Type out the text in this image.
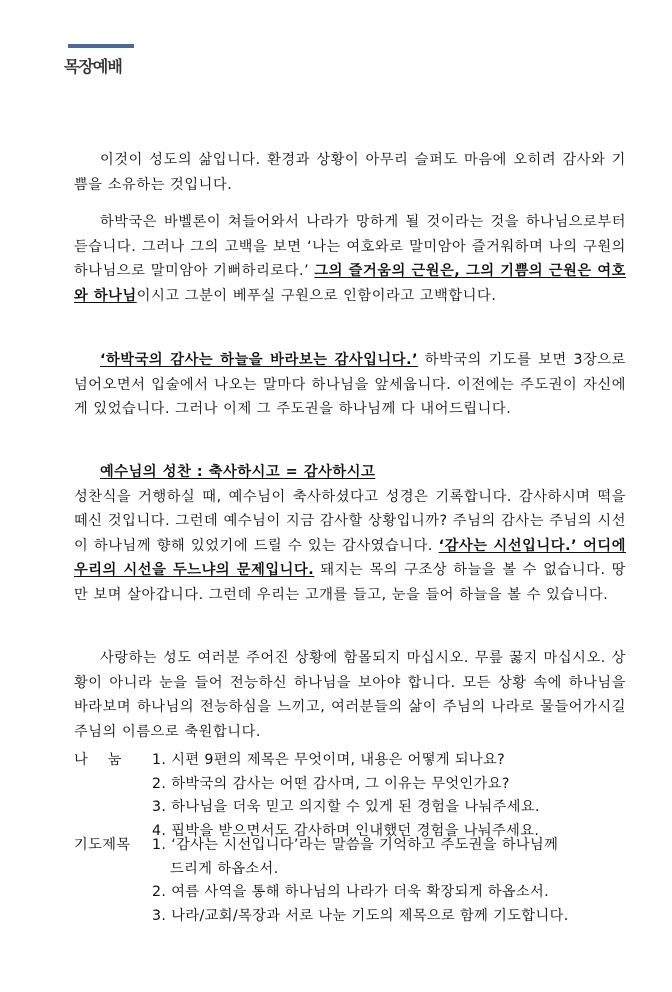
목장예배

이것이 성도의 삶입니다. 환경과 상황이 아무리 슬퍼도 마음에 오히려 감사와 기쁨을 소유하는 것입니다.

하박국은 바벨론이 쳐들어와서 나라가 망하게 될 것이라는 것을 하나님으로부터 듣습니다. 그러나 그의 고백을 보면 ‘나는 여호와로 말미암아 즐거워하며 나의 구원의 하나님으로 말미암아 기뻐하리로다.’ 그의 즐거움의 근원은, 그의 기쁨의 근원은 여호와 하나님이시고 그분이 베푸실 구원으로 인함이라고 고백합니다.

‘하박국의 감사는 하늘을 바라보는 감사입니다.’ 하박국의 기도를 보면 3장으로 넘어오면서 입술에서 나오는 말마다 하나님을 앞세웁니다. 이전에는 주도권이 자신에게 있었습니다. 그러나 이제 그 주도권을 하나님께 다 내어드립니다.

예수님의 성찬 : 축사하시고 = 감사하시고
성찬식을 거행하실 때, 예수님이 축사하셨다고 성경은 기록합니다. 감사하시며 떡을 떼신 것입니다. 그런데 예수님이 지금 감사할 상황입니까? 주님의 감사는 주님의 시선이 하나님께 향해 있었기에 드릴 수 있는 감사였습니다. ‘감사는 시선입니다.’ 어디에 우리의 시선을 두느냐의 문제입니다. 돼지는 목의 구조상 하늘을 볼 수 없습니다. 땅만 보며 살아갑니다. 그런데 우리는 고개를 들고, 눈을 들어 하늘을 볼 수 있습니다.

사랑하는 성도 여러분 주어진 상황에 함몰되지 마십시오. 무릎 꿇지 마십시오. 상황이 아니라 눈을 들어 전능하신 하나님을 보아야 합니다. 모든 상황 속에 하나님을 바라보며 하나님의 전능하심을 느끼고, 여러분들의 삶이 주님의 나라로 물들어가시길 주님의 이름으로 축원합니다.

나    눔	1. 시편 9편의 제목은 무엇이며, 내용은 어떻게 되나요?
2. 하박국의 감사는 어떤 감사며, 그 이유는 무엇인가요?
3. 하나님을 더욱 믿고 의지할 수 있게 된 경험을 나눠주세요.
4. 핍박을 받으면서도 감사하며 인내했던 경험을 나눠주세요.
기도제목	1. ‘감사는 시선입니다’라는 말씀을 기억하고 주도권을 하나님께
드리게 하옵소서.
2. 여름 사역을 통해 하나님의 나라가 더욱 확장되게 하옵소서.
3. 나라/교회/목장과 서로 나눈 기도의 제목으로 함께 기도합니다.
